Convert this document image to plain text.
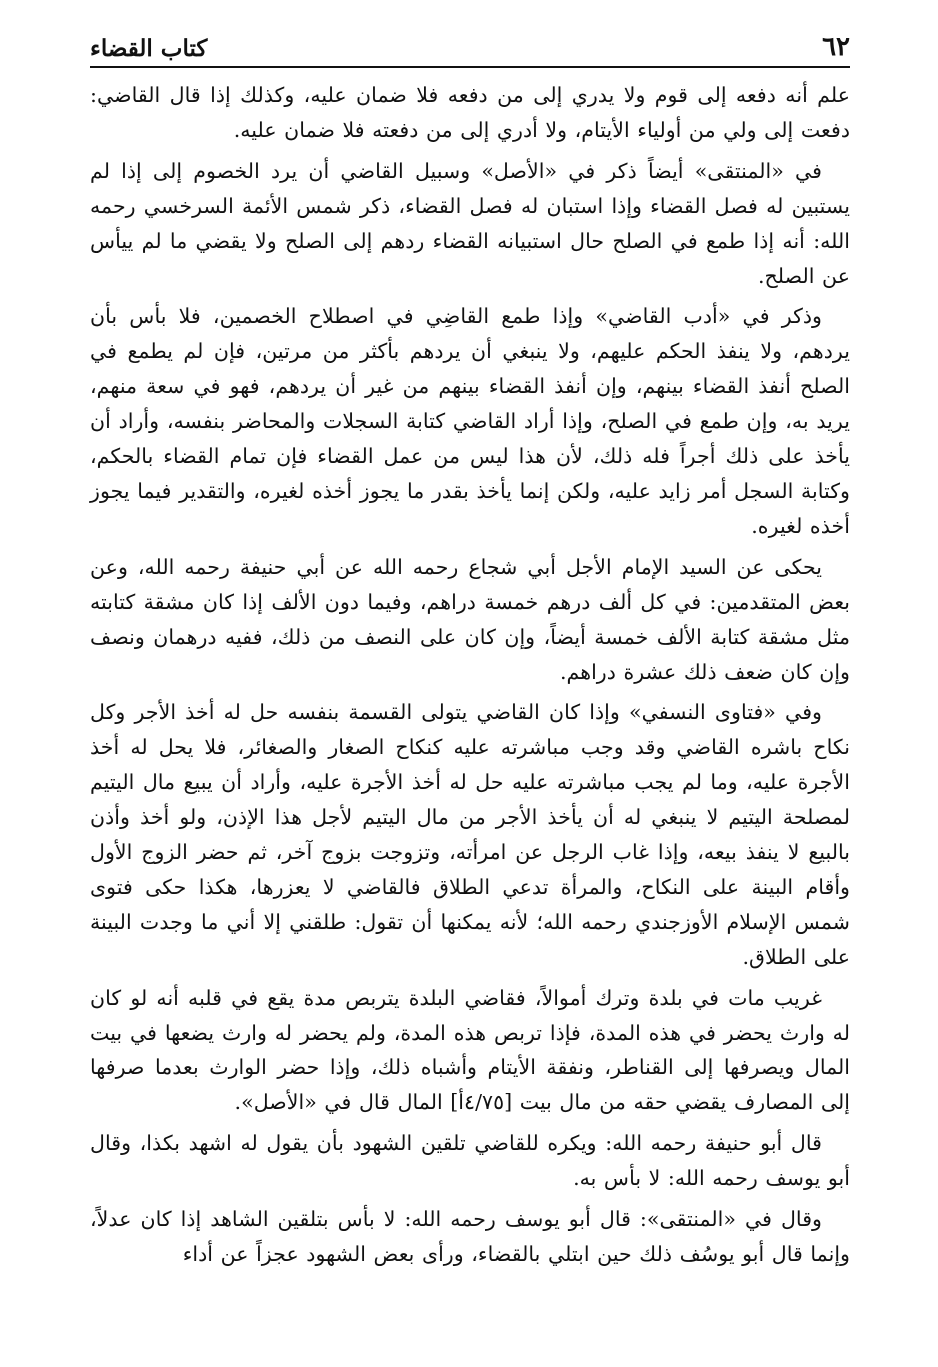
٦٢
كتاب القضاء

علم أنه دفعه إلى قوم ولا يدري إلى من دفعه فلا ضمان عليه، وكذلك إذا قال القاضي: دفعت إلى ولي من أولياء الأيتام، ولا أدري إلى من دفعته فلا ضمان عليه.

في «المنتقى» أيضاً ذكر في «الأصل» وسبيل القاضي أن يرد الخصوم إلى إذا لم يستبين له فصل القضاء وإذا استبان له فصل القضاء، ذكر شمس الأئمة السرخسي رحمه الله: أنه إذا طمع في الصلح حال استبيانه القضاء ردهم إلى الصلح ولا يقضي ما لم ييأس عن الصلح.

وذكر في «أدب القاضي» وإذا طمع القاضِي في اصطلاح الخصمين، فلا بأس بأن يردهم، ولا ينفذ الحكم عليهم، ولا ينبغي أن يردهم بأكثر من مرتين، فإن لم يطمع في الصلح أنفذ القضاء بينهم، وإن أنفذ القضاء بينهم من غير أن يردهم، فهو في سعة منهم، يريد به، وإن طمع في الصلح، وإذا أراد القاضي كتابة السجلات والمحاضر بنفسه، وأراد أن يأخذ على ذلك أجراً فله ذلك، لأن هذا ليس من عمل القضاء فإن تمام القضاء بالحكم، وكتابة السجل أمر زايد عليه، ولكن إنما يأخذ بقدر ما يجوز أخذه لغيره، والتقدير فيما يجوز أخذه لغيره.

يحكى عن السيد الإمام الأجل أبي شجاع رحمه الله عن أبي حنيفة رحمه الله، وعن بعض المتقدمين: في كل ألف درهم خمسة دراهم، وفيما دون الألف إذا كان مشقة كتابته مثل مشقة كتابة الألف خمسة أيضاً، وإن كان على النصف من ذلك، ففيه درهمان ونصف وإن كان ضعف ذلك عشرة دراهم.

وفي «فتاوى النسفي» وإذا كان القاضي يتولى القسمة بنفسه حل له أخذ الأجر وكل نكاح باشره القاضي وقد وجب مباشرته عليه كنكاح الصغار والصغائر، فلا يحل له أخذ الأجرة عليه، وما لم يجب مباشرته عليه حل له أخذ الأجرة عليه، وأراد أن يبيع مال اليتيم لمصلحة اليتيم لا ينبغي له أن يأخذ الأجر من مال اليتيم لأجل هذا الإذن، ولو أخذ وأذن بالبيع لا ينفذ بيعه، وإذا غاب الرجل عن امرأته، وتزوجت بزوج آخر، ثم حضر الزوج الأول وأقام البينة على النكاح، والمرأة تدعي الطلاق فالقاضي لا يعزرها، هكذا حكى فتوى شمس الإسلام الأوزجندي رحمه الله؛ لأنه يمكنها أن تقول: طلقني إلا أني ما وجدت البينة على الطلاق.

غريب مات في بلدة وترك أموالاً، فقاضي البلدة يتربص مدة يقع في قلبه أنه لو كان له وارث يحضر في هذه المدة، فإذا تربص هذه المدة، ولم يحضر له وارث يضعها في بيت المال ويصرفها إلى القناطر، ونفقة الأيتام وأشباه ذلك، وإذا حضر الوارث بعدما صرفها إلى المصارف يقضي حقه من مال بيت [٤/٧٥أ] المال قال في «الأصل».

قال أبو حنيفة رحمه الله: ويكره للقاضي تلقين الشهود بأن يقول له اشهد بكذا، وقال أبو يوسف رحمه الله: لا بأس به.

وقال في «المنتقى»: قال أبو يوسف رحمه الله: لا بأس بتلقين الشاهد إذا كان عدلاً، وإنما قال أبو يوسُف ذلك حين ابتلي بالقضاء، ورأى بعض الشهود عجزاً عن أداء
